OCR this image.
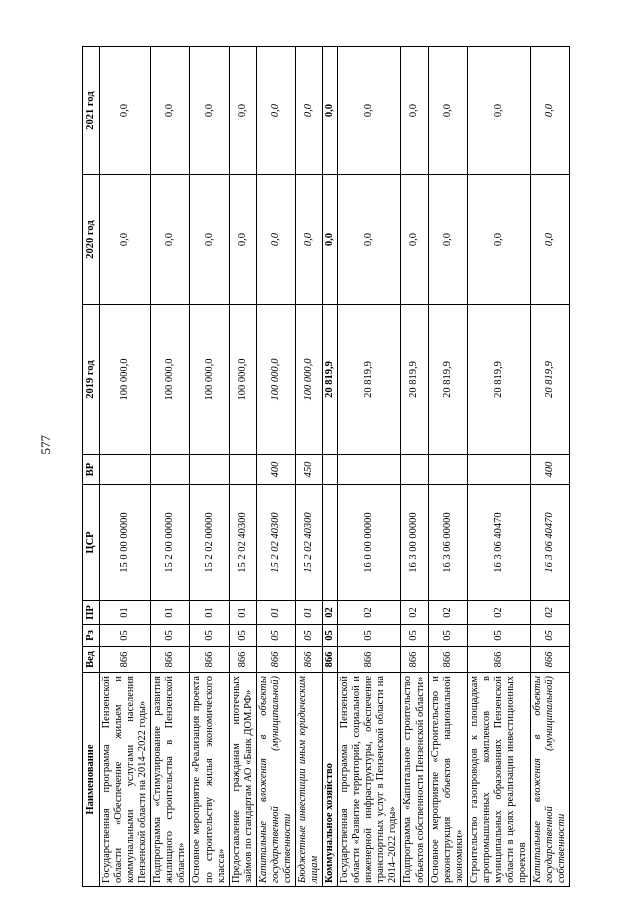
577
Наименование	Вед	Рз	ПР	ЦСР	ВР	2019 год	2020 год	2021 год
Государственная программа Пензенской области «Обеспечение жильем и коммунальными услугами населения Пензенской области на 2014–2022 годы»	866	05	01	15 0 00 00000		100 000,0	0,0	0,0
Подпрограмма «Стимулирование развития жилищного строительства в Пензенской области»	866	05	01	15 2 00 00000		100 000,0	0,0	0,0
Основное мероприятие «Реализация проекта по строительству жилья экономического класса»	866	05	01	15 2 02 00000		100 000,0	0,0	0,0
Предоставление гражданам ипотечных займов по стандартам АО «Банк ДОМ.РФ»	866	05	01	15 2 02 40300		100 000,0	0,0	0,0
Капитальные вложения в объекты государственной (муниципальной) собственности	866	05	01	15 2 02 40300	400	100 000,0	0,0	0,0
Бюджетные инвестиции иным юридическим лицам	866	05	01	15 2 02 40300	450	100 000,0	0,0	0,0
Коммунальное хозяйство	866	05	02			20 819,9	0,0	0,0
Государственная программа Пензенской области «Развитие территорий, социальной и инженерной инфраструктуры, обеспечение транспортных услуг в Пензенской области на 2014–2022 годы»	866	05	02	16 0 00 00000		20 819,9	0,0	0,0
Подпрограмма «Капитальное строительство объектов собственности Пензенской области»	866	05	02	16 3 00 00000		20 819,9	0,0	0,0
Основное мероприятие «Строительство и реконструкция объектов национальной экономики»	866	05	02	16 3 06 00000		20 819,9	0,0	0,0
Строительство газопроводов к площадкам агропромышленных комплексов в муниципальных образованиях Пензенской области в целях реализации инвестиционных проектов	866	05	02	16 3 06 40470		20 819,9	0,0	0,0
Капитальные вложения в объекты государственной (муниципальной) собственности	866	05	02	16 3 06 40470	400	20 819,9	0,0	0,0
